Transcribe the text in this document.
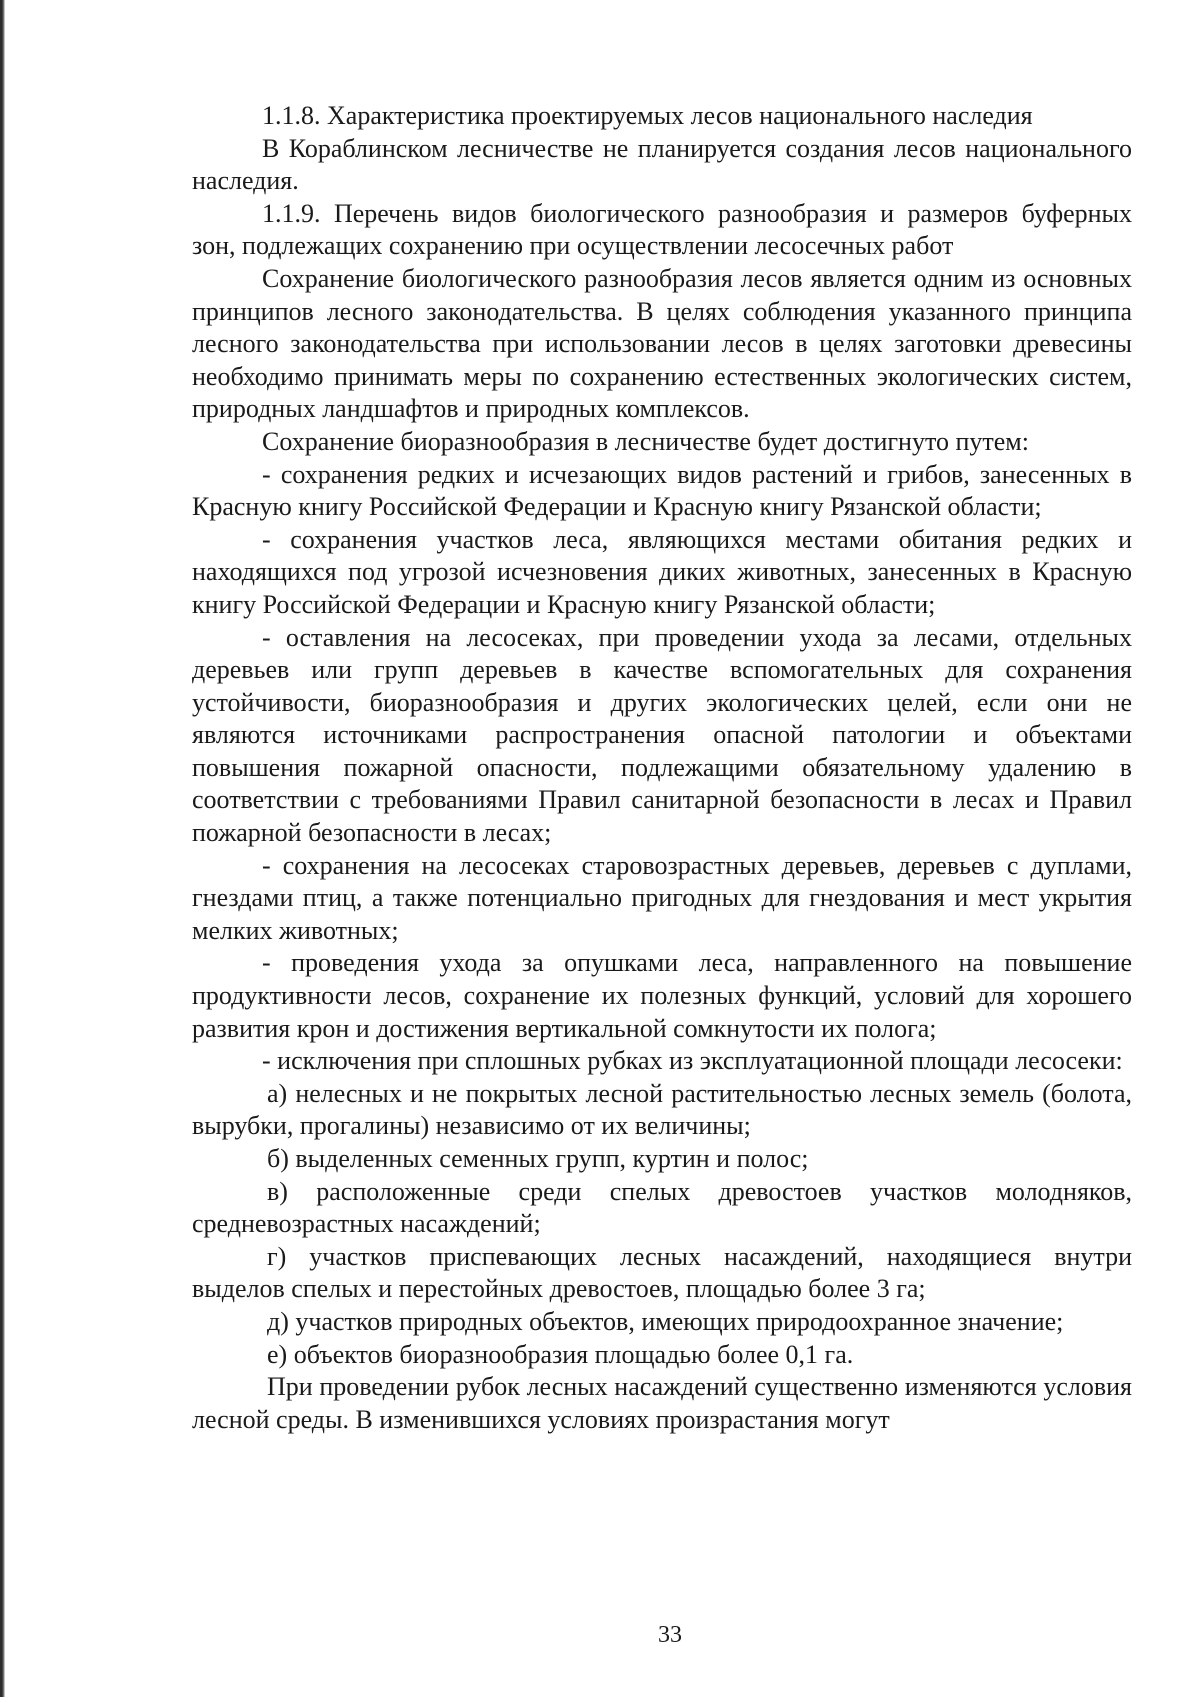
1.1.8. Характеристика проектируемых лесов национального наследия

В Кораблинском лесничестве не планируется создания лесов национального наследия.

1.1.9. Перечень видов биологического разнообразия и размеров буферных зон, подлежащих сохранению при осуществлении лесосечных работ

Сохранение биологического разнообразия лесов является одним из основных принципов лесного законодательства. В целях соблюдения указанного принципа лесного законодательства при использовании лесов в целях заготовки древесины необходимо принимать меры по сохранению естественных экологических систем, природных ландшафтов и природных комплексов.

Сохранение биоразнообразия в лесничестве будет достигнуто путем:

- сохранения редких и исчезающих видов растений и грибов, занесенных в Красную книгу Российской Федерации и Красную книгу Рязанской области;

- сохранения участков леса, являющихся местами обитания редких и находящихся под угрозой исчезновения диких животных, занесенных в Красную книгу Российской Федерации и Красную книгу Рязанской области;

- оставления на лесосеках, при проведении ухода за лесами, отдельных деревьев или групп деревьев в качестве вспомогательных для сохранения устойчивости, биоразнообразия и других экологических целей, если они не являются источниками распространения опасной патологии и объектами повышения пожарной опасности, подлежащими обязательному удалению в соответствии с требованиями Правил санитарной безопасности в лесах и Правил пожарной безопасности в лесах;

- сохранения на лесосеках старовозрастных деревьев, деревьев с дуплами, гнездами птиц, а также потенциально пригодных для гнездования и мест укрытия мелких животных;

- проведения ухода за опушками леса, направленного на повышение продуктивности лесов, сохранение их полезных функций, условий для хорошего развития крон и достижения вертикальной сомкнутости их полога;

- исключения при сплошных рубках из эксплуатационной площади лесосеки:

а) нелесных и не покрытых лесной растительностью лесных земель (болота, вырубки, прогалины) независимо от их величины;

б) выделенных семенных групп, куртин и полос;

в) расположенные среди спелых древостоев участков молодняков, средневозрастных насаждений;

г) участков приспевающих лесных насаждений, находящиеся внутри выделов спелых и перестойных древостоев, площадью более 3 га;

д) участков природных объектов, имеющих природоохранное значение;

е) объектов биоразнообразия площадью более 0,1 га.

При проведении рубок лесных насаждений существенно изменяются условия лесной среды. В изменившихся условиях произрастания могут

33
